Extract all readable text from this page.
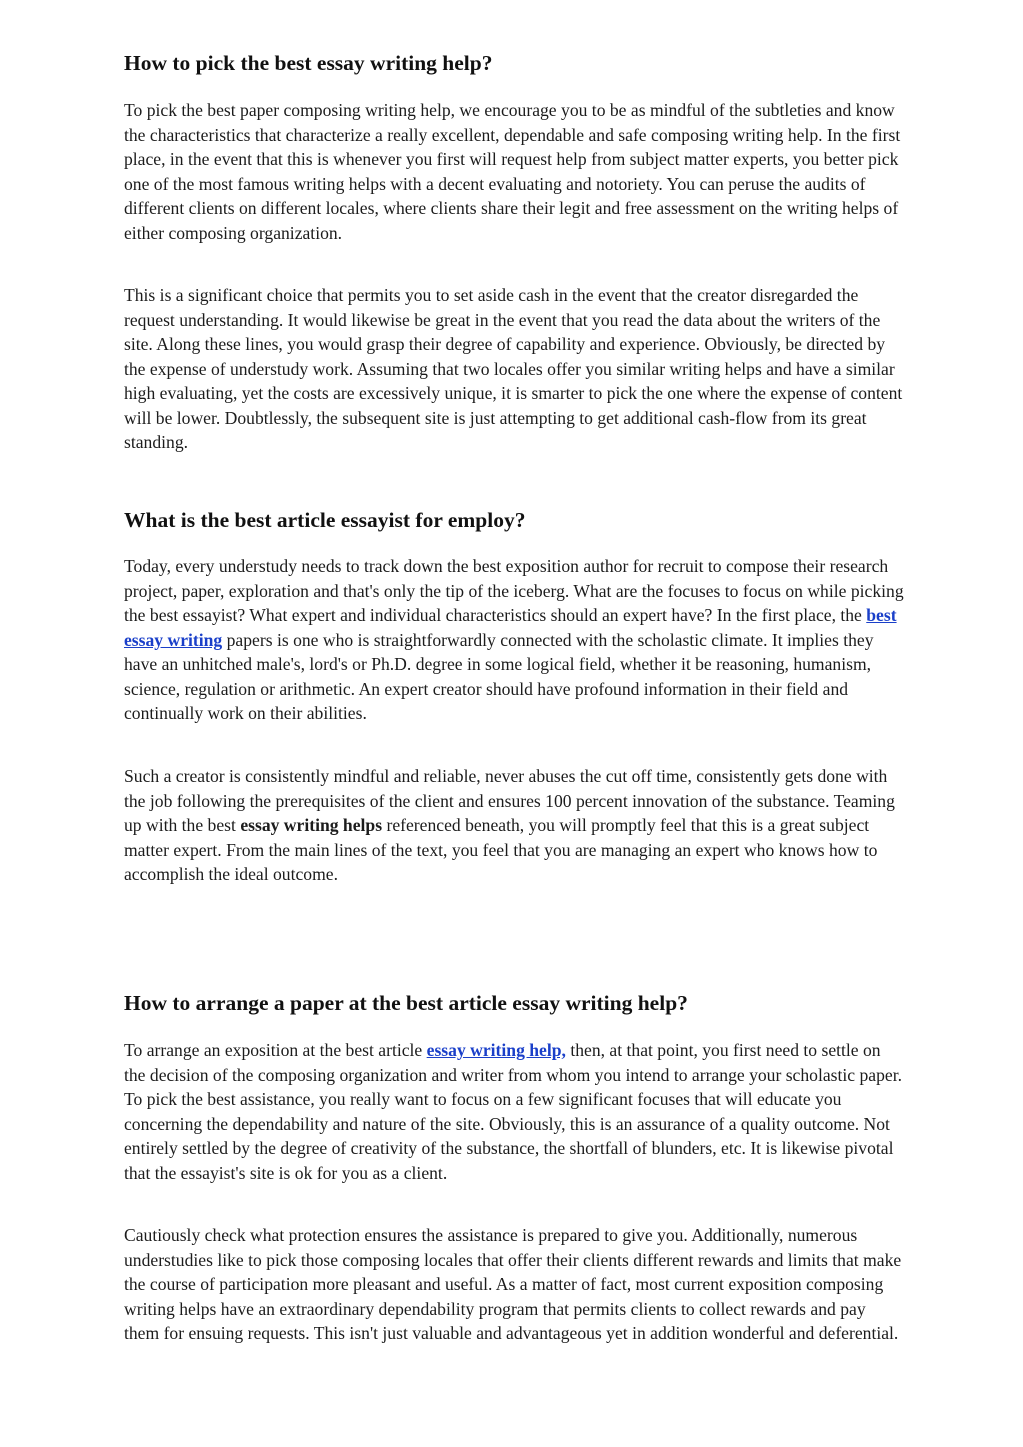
How to pick the best essay writing help?

To pick the best paper composing writing help, we encourage you to be as mindful of the subtleties and know the characteristics that characterize a really excellent, dependable and safe composing writing help. In the first place, in the event that this is whenever you first will request help from subject matter experts, you better pick one of the most famous writing helps with a decent evaluating and notoriety. You can peruse the audits of different clients on different locales, where clients share their legit and free assessment on the writing helps of either composing organization.

This is a significant choice that permits you to set aside cash in the event that the creator disregarded the request understanding. It would likewise be great in the event that you read the data about the writers of the site. Along these lines, you would grasp their degree of capability and experience. Obviously, be directed by the expense of understudy work. Assuming that two locales offer you similar writing helps and have a similar high evaluating, yet the costs are excessively unique, it is smarter to pick the one where the expense of content will be lower. Doubtlessly, the subsequent site is just attempting to get additional cash-flow from its great standing.

What is the best article essayist for employ?

Today, every understudy needs to track down the best exposition author for recruit to compose their research project, paper, exploration and that's only the tip of the iceberg. What are the focuses to focus on while picking the best essayist? What expert and individual characteristics should an expert have? In the first place, the best essay writing papers is one who is straightforwardly connected with the scholastic climate. It implies they have an unhitched male's, lord's or Ph.D. degree in some logical field, whether it be reasoning, humanism, science, regulation or arithmetic. An expert creator should have profound information in their field and continually work on their abilities.

Such a creator is consistently mindful and reliable, never abuses the cut off time, consistently gets done with the job following the prerequisites of the client and ensures 100 percent innovation of the substance. Teaming up with the best essay writing helps referenced beneath, you will promptly feel that this is a great subject matter expert. From the main lines of the text, you feel that you are managing an expert who knows how to accomplish the ideal outcome.

How to arrange a paper at the best article essay writing help?

To arrange an exposition at the best article essay writing help, then, at that point, you first need to settle on the decision of the composing organization and writer from whom you intend to arrange your scholastic paper. To pick the best assistance, you really want to focus on a few significant focuses that will educate you concerning the dependability and nature of the site. Obviously, this is an assurance of a quality outcome. Not entirely settled by the degree of creativity of the substance, the shortfall of blunders, etc. It is likewise pivotal that the essayist's site is ok for you as a client.

Cautiously check what protection ensures the assistance is prepared to give you. Additionally, numerous understudies like to pick those composing locales that offer their clients different rewards and limits that make the course of participation more pleasant and useful. As a matter of fact, most current exposition composing writing helps have an extraordinary dependability program that permits clients to collect rewards and pay them for ensuing requests. This isn't just valuable and advantageous yet in addition wonderful and deferential.
